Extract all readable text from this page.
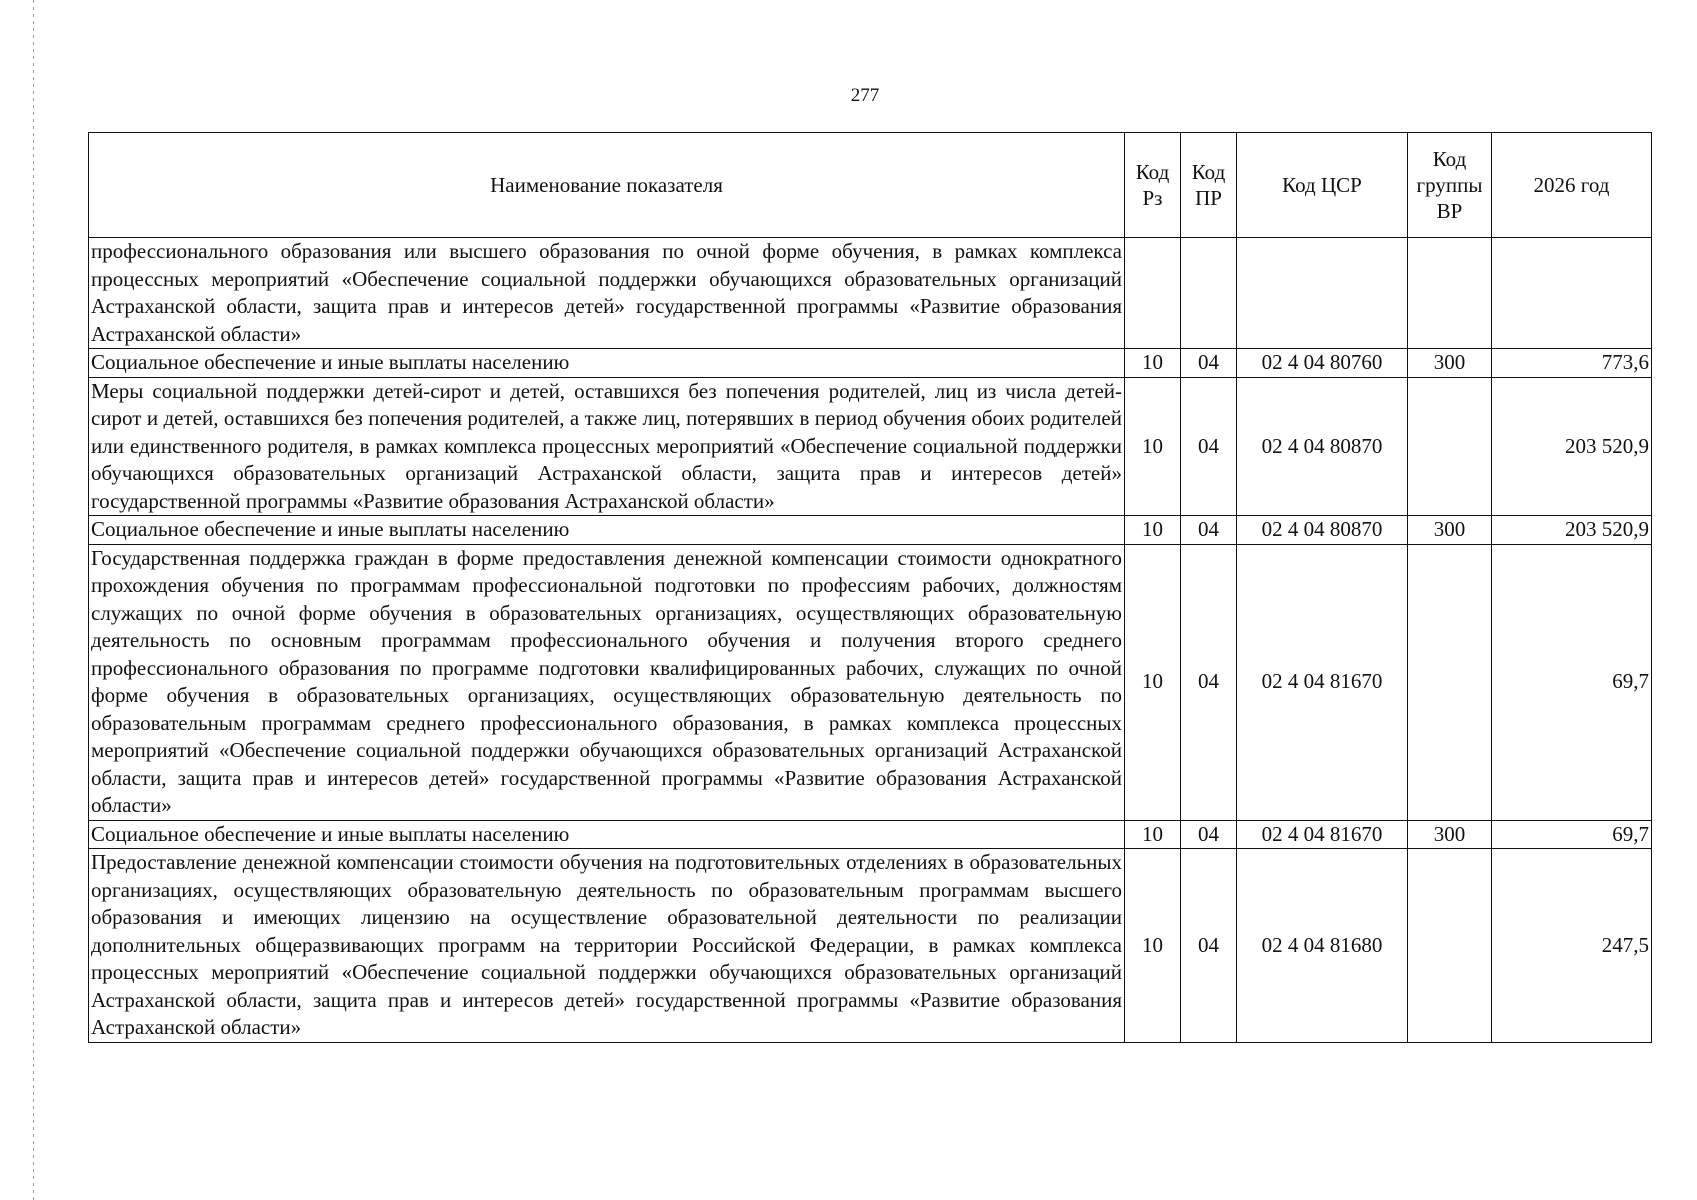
277
Наименование показателя	Код Рз	Код ПР	Код ЦСР	Код группы ВР	2026 год
профессионального образования или высшего образования по очной форме обучения, в рамках комплекса процессных мероприятий «Обеспечение социальной поддержки обучающихся образовательных организаций Астраханской области, защита прав и интересов детей» государственной программы «Развитие образования Астраханской области»					
Социальное обеспечение и иные выплаты населению	10	04	02 4 04 80760	300	773,6
Меры социальной поддержки детей-сирот и детей, оставшихся без попечения родителей, лиц из числа детей-сирот и детей, оставшихся без попечения родителей, а также лиц, потерявших в период обучения обоих родителей или единственного родителя, в рамках комплекса процессных мероприятий «Обеспечение социальной поддержки обучающихся образовательных организаций Астраханской области, защита прав и интересов детей» государственной программы «Развитие образования Астраханской области»	10	04	02 4 04 80870		203 520,9
Социальное обеспечение и иные выплаты населению	10	04	02 4 04 80870	300	203 520,9
Государственная поддержка граждан в форме предоставления денежной компенсации стоимости однократного прохождения обучения по программам профессиональной подготовки по профессиям рабочих, должностям служащих по очной форме обучения в образовательных организациях, осуществляющих образовательную деятельность по основным программам профессионального обучения и получения второго среднего профессионального образования по программе подготовки квалифицированных рабочих, служащих по очной форме обучения в образовательных организациях, осуществляющих образовательную деятельность по образовательным программам среднего профессионального образования, в рамках комплекса процессных мероприятий «Обеспечение социальной поддержки обучающихся образовательных организаций Астраханской области, защита прав и интересов детей» государственной программы «Развитие образования Астраханской области»	10	04	02 4 04 81670		69,7
Социальное обеспечение и иные выплаты населению	10	04	02 4 04 81670	300	69,7
Предоставление денежной компенсации стоимости обучения на подготовительных отделениях в образовательных организациях, осуществляющих образовательную деятельность по образовательным программам высшего образования и имеющих лицензию на осуществление образовательной деятельности по реализации дополнительных общеразвивающих программ на территории Российской Федерации, в рамках комплекса процессных мероприятий «Обеспечение социальной поддержки обучающихся образовательных организаций Астраханской области, защита прав и интересов детей» государственной программы «Развитие образования Астраханской области»	10	04	02 4 04 81680		247,5
